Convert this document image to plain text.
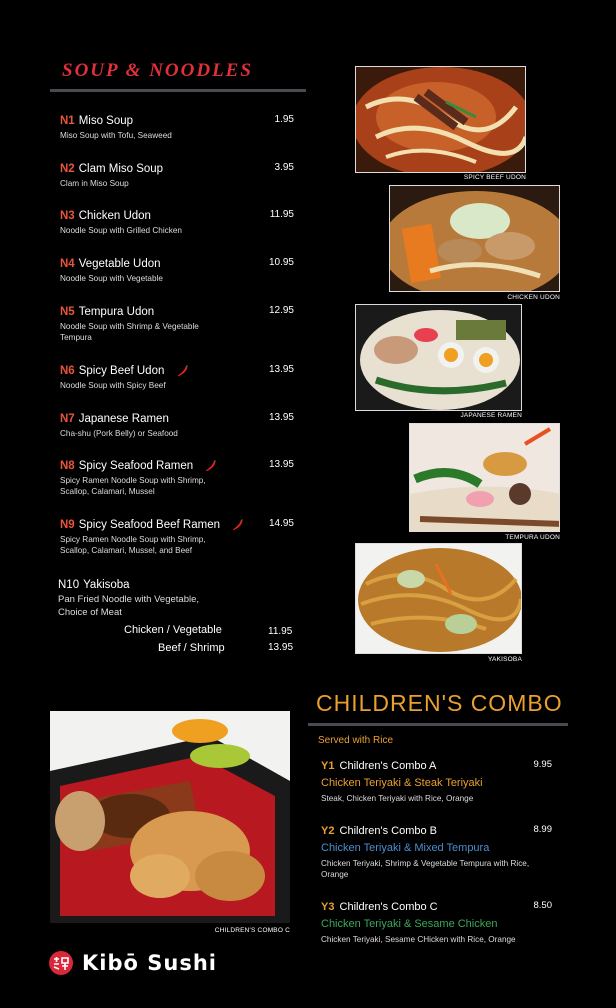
SOUP & NOODLES
N1 Miso Soup
Miso Soup with Tofu, Seaweed
1.95
N2 Clam Miso Soup
Clam in Miso Soup
3.95
N3 Chicken Udon
Noodle Soup with Grilled Chicken
11.95
N4 Vegetable Udon
Noodle Soup with Vegetable
10.95
N5 Tempura Udon
Noodle Soup with Shrimp & Vegetable Tempura
12.95
N6 Spicy Beef Udon
Noodle Soup with Spicy Beef
13.95
N7 Japanese Ramen
Cha-shu (Pork Belly) or Seafood
13.95
N8 Spicy Seafood Ramen
Spicy Ramen Noodle Soup with Shrimp, Scallop, Calamari, Mussel
13.95
N9 Spicy Seafood Beef Ramen
Spicy Ramen Noodle Soup with Shrimp, Scallop, Calamari, Mussel, and Beef
14.95
N10 Yakisoba
Pan Fried Noodle with Vegetable, Choice of Meat
Chicken / Vegetable	11.95
Beef / Shrimp	13.95
SPICY BEEF UDON
CHICKEN UDON
JAPANESE RAMEN
TEMPURA UDON
YAKISOBA
CHILDREN'S COMBO C
CHILDREN'S COMBO
Served with Rice
Y1 Children's Combo A
Chicken Teriyaki & Steak Teriyaki
Steak, Chicken Teriyaki with Rice, Orange
9.95
Y2 Children's Combo B
Chicken Teriyaki & Mixed Tempura
Chicken Teriyaki, Shrimp & Vegetable Tempura with Rice, Orange
8.99
Y3 Children's Combo C
Chicken Teriyaki & Sesame Chicken
Chicken Teriyaki, Sesame CHicken with Rice, Orange
8.50
Kibō Sushi
